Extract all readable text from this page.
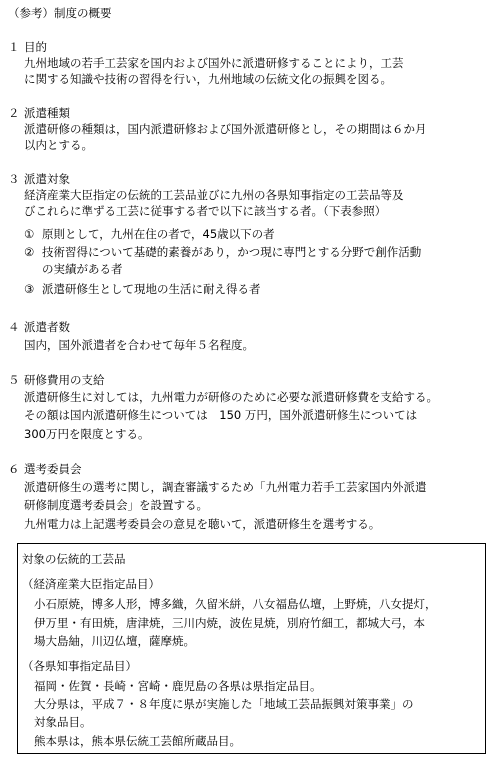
（参考）制度の概要
１ 目的
九州地域の若手工芸家を国内および国外に派遣研修することにより，工芸
に関する知識や技術の習得を行い，九州地域の伝統文化の振興を図る。
２ 派遣種類
派遣研修の種類は，国内派遣研修および国外派遣研修とし，その期間は６か月
以内とする。
３ 派遣対象
経済産業大臣指定の伝統的工芸品並びに九州の各県知事指定の工芸品等及
びこれらに準ずる工芸に従事する者で以下に該当する者。（下表参照）
① 原則として，九州在住の者で，45歳以下の者
② 技術習得について基礎的素養があり，かつ現に専門とする分野で創作活動
の実績がある者
③ 派遣研修生として現地の生活に耐え得る者
４ 派遣者数
国内，国外派遣者を合わせて毎年５名程度。
５ 研修費用の支給
派遣研修生に対しては，九州電力が研修のために必要な派遣研修費を支給する。
その額は国内派遣研修生については　150 万円，国外派遣研修生については
300万円を限度とする。
６ 選考委員会
派遣研修生の選考に関し，調査審議するため「九州電力若手工芸家国内外派遣
研修制度選考委員会」を設置する。
九州電力は上記選考委員会の意見を聴いて，派遣研修生を選考する。
対象の伝統的工芸品
（経済産業大臣指定品目）
小石原焼，博多人形，博多織，久留米絣，八女福島仏壇，上野焼，八女提灯，
伊万里・有田焼，唐津焼，三川内焼，波佐見焼，別府竹細工，都城大弓，本
場大島紬，川辺仏壇，薩摩焼。
（各県知事指定品目）
福岡・佐賀・長崎・宮崎・鹿児島の各県は県指定品目。
大分県は，平成７・８年度に県が実施した「地域工芸品振興対策事業」の
対象品目。
熊本県は，熊本県伝統工芸館所蔵品目。
